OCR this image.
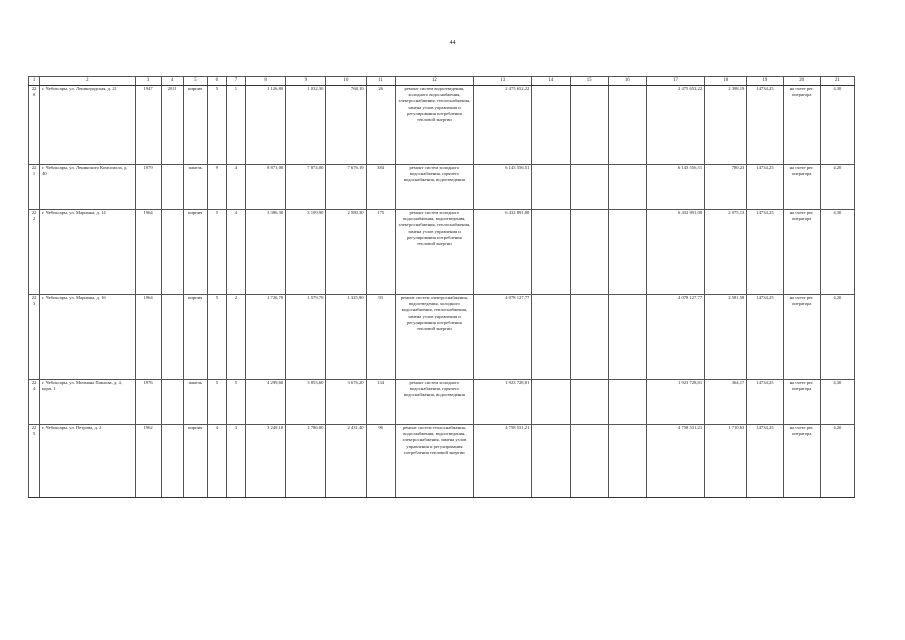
44
1	2	3	4	5	6	7	8	9	10	11	12	13	14	15	16	17	18	19	20	21
220	г. Чебоксары, ул. Ленинградская, д. 21	1947	2011	кирпич	5	1	1 126,80	1 032,30	768,10	26	ремонт систем водоотведения, холодного водоснабжения, электроснабжения, теплоснабжения, замена узлов управления и регулирования потребления тепловой энергии	2 475 652,22				2 475 652,22	2 398,19	14734,25	на счете рег. оператора	4,30
221	г. Чебоксары, ул. Ленинского Комсомола, д. 40	1979		панель	9	4	8 871,00	7 874,00	7 676,19	384	ремонт систем холодного водоснабжения, горячего водоснабжения, водоотведения	6 143 556,51				6 143 556,51	780,23	14734,25	на счете рег. оператора	4,20
222	г. Чебоксары, ул. Маршака, д. 14	1964		кирпич	5	4	3 396,30	3 109,90	2 580,30	175	ремонт систем холодного водоснабжения, водоотведения, электроснабжения, теплоснабжения, замена узлов управления и регулирования потребления тепловой энергии	6 432 891,08				6 432 891,08	2 075,13	14734,25	на счете рег. оператора	4,30
223	г. Чебоксары, ул. Маршака, д. 16	1964		кирпич	5	2	1 726,70	1 579,70	1 325,90	93	ремонт систем электроснабжения, водоотведения, холодного водоснабжения, теплоснабжения, замена узлов управления и регулирования потребления тепловой энергии	4 078 127,77				4 078 127,77	2 581,58	14734,25	на счете рег. оператора	4,20
224	г. Чебоксары, ул. Мичмана Павлова, д. 4, корп. 1	1976		панель	5	5	4 299,60	3 853,60	3 676,20	134	ремонт систем холодного водоснабжения, горячего водоснабжения, водоотведения	1 923 728,81				1 923 728,81	364,17	14734,25	на счете рег. оператора	4,30
225	г. Чебоксары, ул. Петрова, д. 2	1962		кирпич	4	3	3 249,10	2 786,00	2 431,40	96	ремонт систем теплоснабжения, водоснабжения, водоотведения, электроснабжения, замена узлов управления и регулирования потребления тепловой энергии	4 758 531,21				4 758 531,21	1 710,63	14734,25	на счете рег. оператора	4,20
